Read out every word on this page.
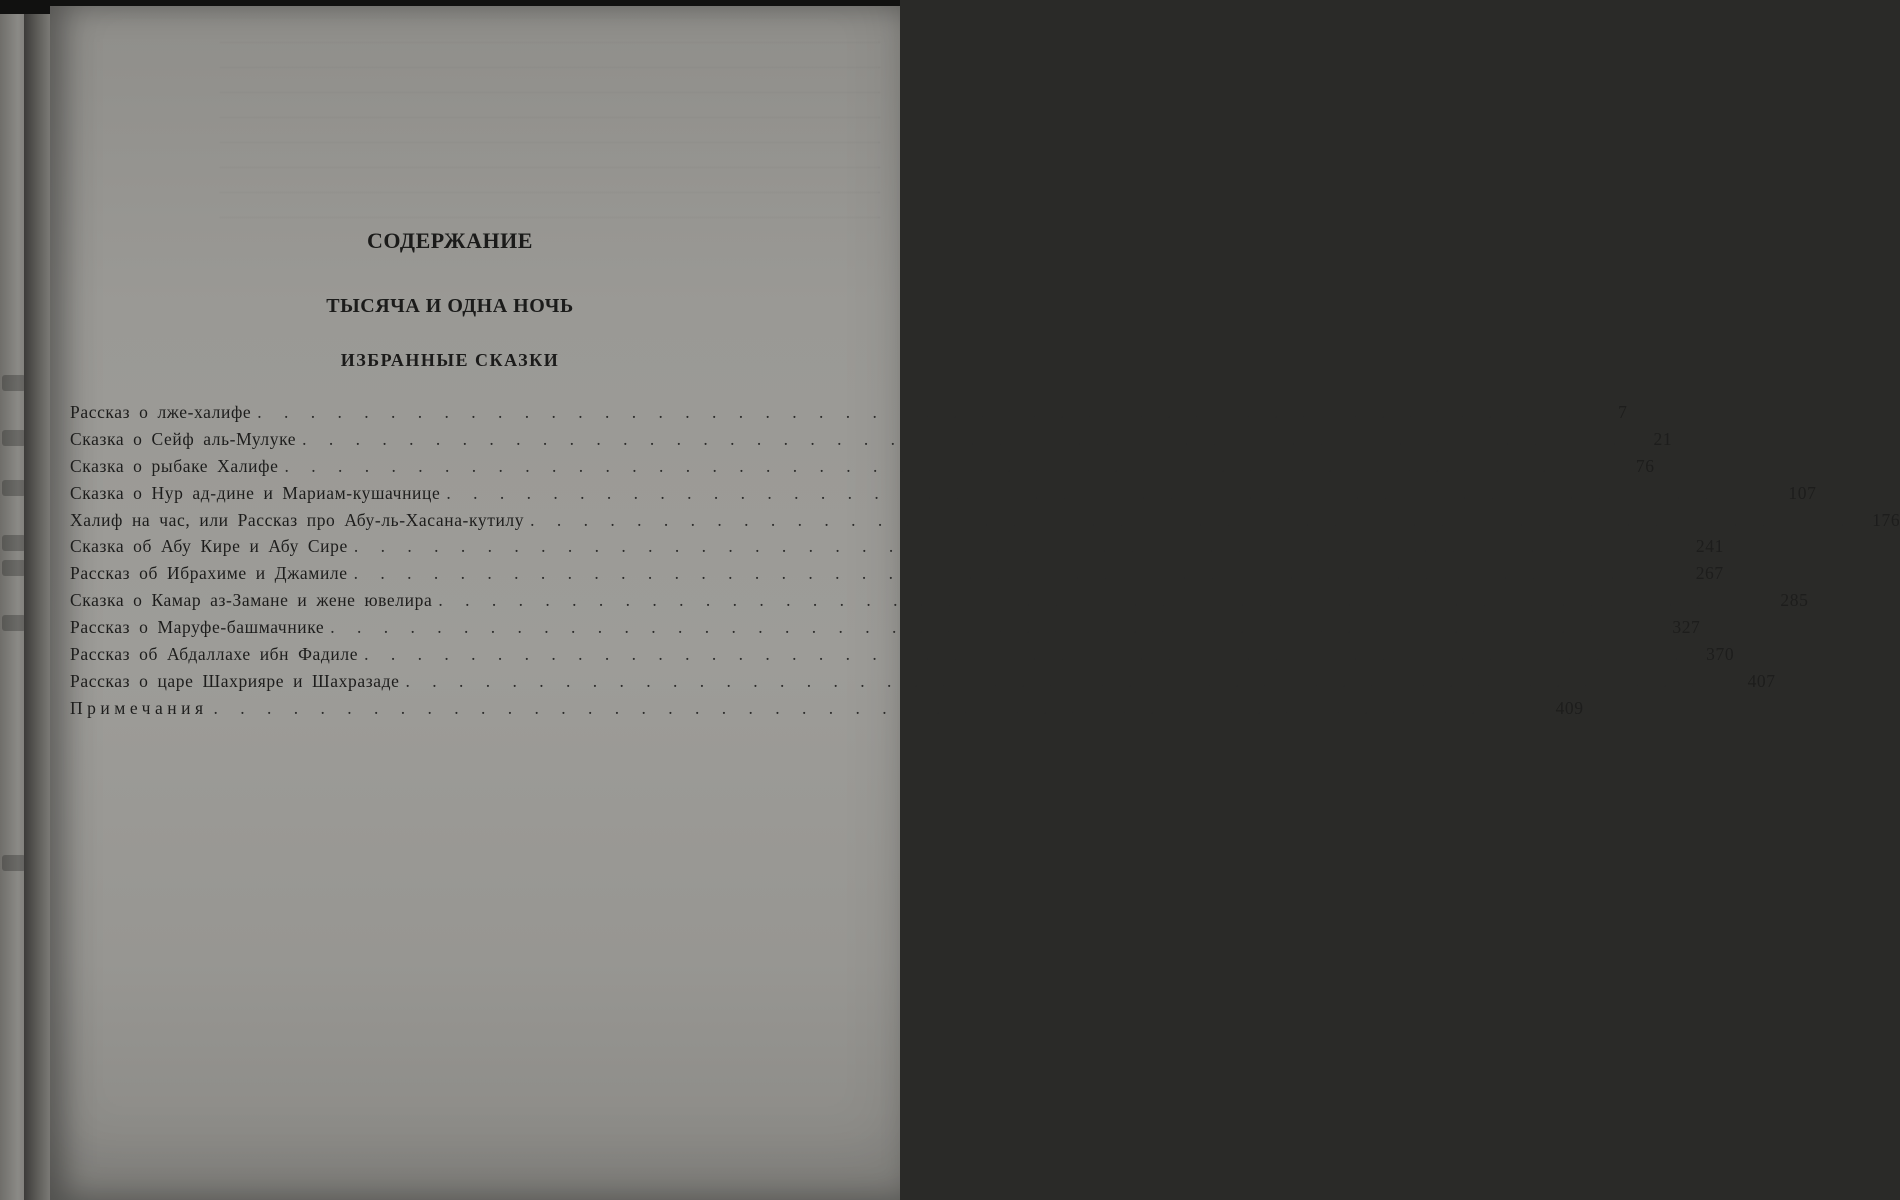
СОДЕРЖАНИЕ
ТЫСЯЧА И ОДНА НОЧЬ
ИЗБРАННЫЕ СКАЗКИ
Рассказ о лже-халифе . . . . . . . . . . . . . . . . . . . . . . . . . . . . . . . . . . . . . . . . . . . . . . . . . .	7
Сказка о Сейф аль-Мулуке . . . . . . . . . . . . . . . . . . . . . . . . . . . . . . . . . . . . . . . . . . . . . . . . . .	21
Сказка о рыбаке Халифе . . . . . . . . . . . . . . . . . . . . . . . . . . . . . . . . . . . . . . . . . . . . . . . . . .	76
Сказка о Нур ад-дине и Мариам-кушачнице . . . . . . . . . . . . . . . . . . . . . . . . . . . . . . . . . . . . . . . . . . . . . . . . . .	107
Халиф на час, или Рассказ про Абу-ль-Хасана-кутилу . . . . . . . . . . . . . . . . . . . . . . . . . . . . . . . . . . . . . . . . . . . . . . . . . .	176
Сказка об Абу Кире и Абу Сире . . . . . . . . . . . . . . . . . . . . . . . . . . . . . . . . . . . . . . . . . . . . . . . . . .	241
Рассказ об Ибрахиме и Джамиле . . . . . . . . . . . . . . . . . . . . . . . . . . . . . . . . . . . . . . . . . . . . . . . . . .	267
Сказка о Камар аз-Замане и жене ювелира . . . . . . . . . . . . . . . . . . . . . . . . . . . . . . . . . . . . . . . . . . . . . . . . . .	285
Рассказ о Маруфе-башмачнике . . . . . . . . . . . . . . . . . . . . . . . . . . . . . . . . . . . . . . . . . . . . . . . . . .	327
Рассказ об Абдаллахе ибн Фадиле . . . . . . . . . . . . . . . . . . . . . . . . . . . . . . . . . . . . . . . . . . . . . . . . . .	370
Рассказ о царе Шахрияре и Шахразаде . . . . . . . . . . . . . . . . . . . . . . . . . . . . . . . . . . . . . . . . . . . . . . . . . .	407
Примечания . . . . . . . . . . . . . . . . . . . . . . . . . . . . . . . . . . . . . . . . . . . . . . . . . .	409
